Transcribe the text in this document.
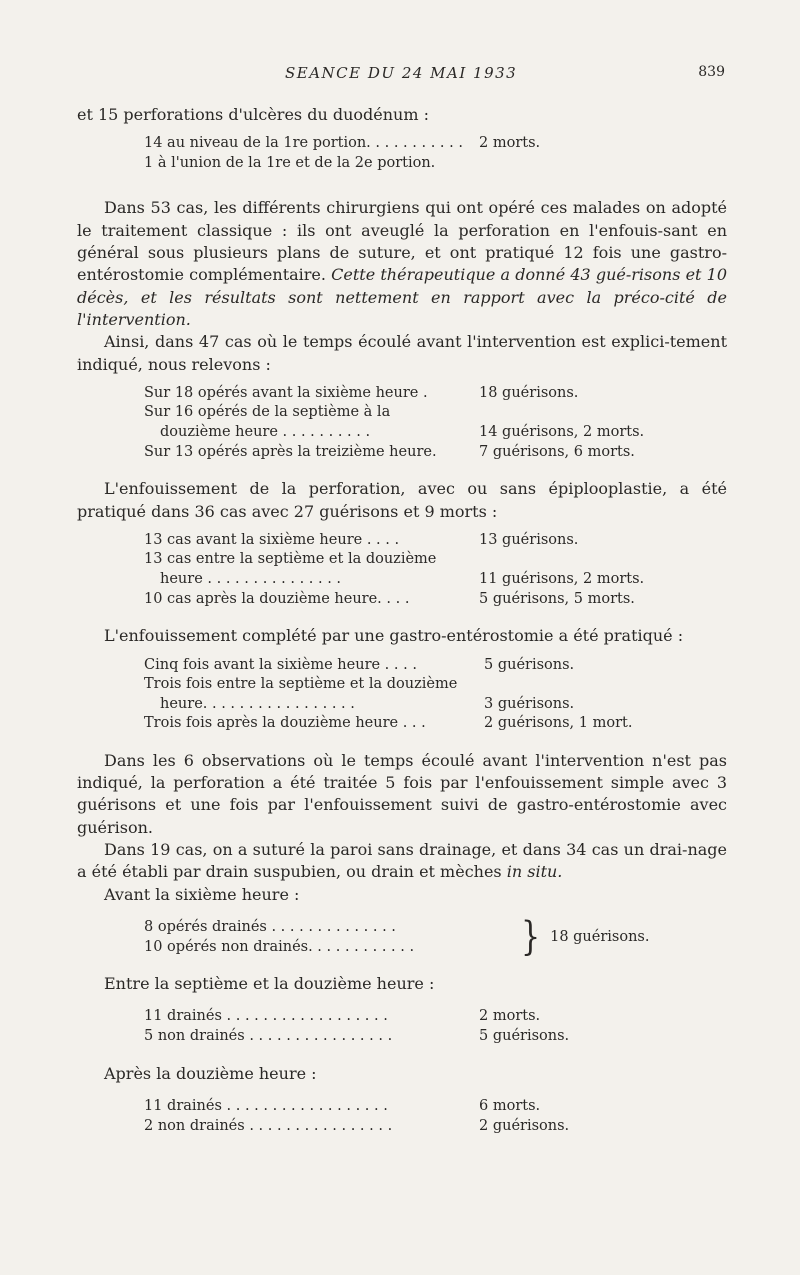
SEANCE DU 24 MAI 1933	839

et 15 perforations d'ulcères du duodénum :

14 au niveau de la 1re portion. . . . . . . . . . .	2 morts.
1 à l'union de la 1re et de la 2e portion.

Dans 53 cas, les différents chirurgiens qui ont opéré ces malades on adopté le traitement classique : ils ont aveuglé la perforation en l'enfouis-sant en général sous plusieurs plans de suture, et ont pratiqué 12 fois une gastro-entérostomie complémentaire. Cette thérapeutique a donné 43 gué-risons et 10 décès, et les résultats sont nettement en rapport avec la préco-cité de l'intervention.

Ainsi, dans 47 cas où le temps écoulé avant l'intervention est explici-tement indiqué, nous relevons :

Sur 18 opérés avant la sixième heure .	18 guérisons.
Sur 16 opérés de la septième à la
douzième heure . . . . . . . . . .	14 guérisons, 2 morts.
Sur 13 opérés après la treizième heure.	7 guérisons, 6 morts.

L'enfouissement de la perforation, avec ou sans épiplooplastie, a été pratiqué dans 36 cas avec 27 guérisons et 9 morts :

13 cas avant la sixième heure . . . .	13 guérisons.
13 cas entre la septième et la douzième
heure . . . . . . . . . . . . . . .	11 guérisons, 2 morts.
10 cas après la douzième heure. . . .	5 guérisons, 5 morts.

L'enfouissement complété par une gastro-entérostomie a été pratiqué :

Cinq fois avant la sixième heure . . . .	5 guérisons.
Trois fois entre la septième et la douzième
heure. . . . . . . . . . . . . . . . .	3 guérisons.
Trois fois après la douzième heure . . .	2 guérisons, 1 mort.

Dans les 6 observations où le temps écoulé avant l'intervention n'est pas indiqué, la perforation a été traitée 5 fois par l'enfouissement simple avec 3 guérisons et une fois par l'enfouissement suivi de gastro-entérostomie avec guérison.

Dans 19 cas, on a suturé la paroi sans drainage, et dans 34 cas un drai-nage a été établi par drain suspubien, ou drain et mèches in situ.

Avant la sixième heure :

8 opérés drainés . . . . . . . . . . . . . .
10 opérés non drainés. . . . . . . . . . . .	} 18 guérisons.

Entre la septième et la douzième heure :

11 drainés . . . . . . . . . . . . . . . . . .	2 morts.
5 non drainés . . . . . . . . . . . . . . . .	5 guérisons.

Après la douzième heure :

11 drainés . . . . . . . . . . . . . . . . . .	6 morts.
2 non drainés . . . . . . . . . . . . . . . .	2 guérisons.
